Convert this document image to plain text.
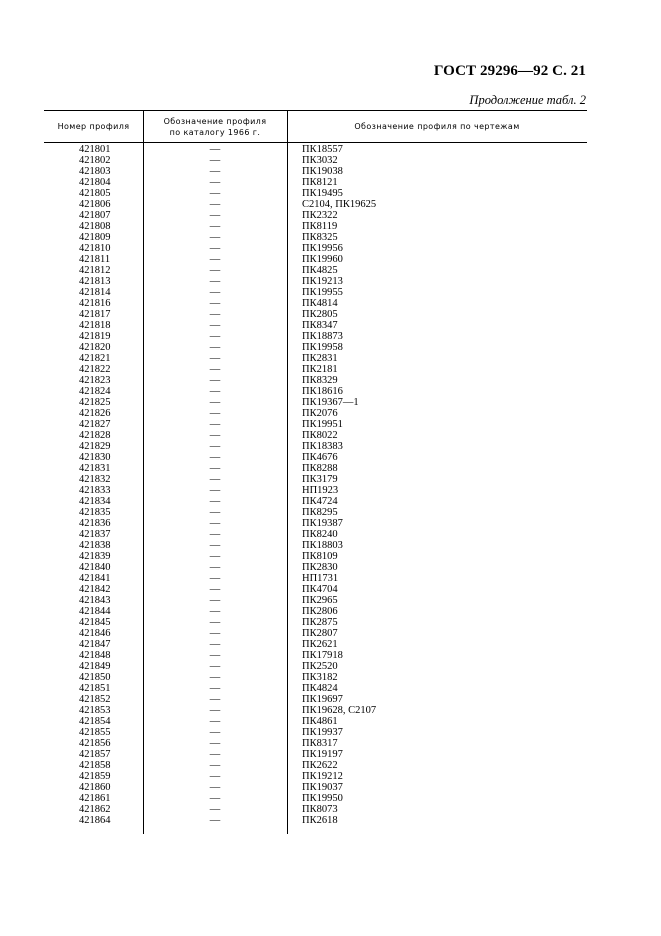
ГОСТ 29296—92 С. 21
Продолжение табл. 2
Номер профиля
Обозначение профиля
по каталогу 1966 г.
Обозначение профиля по чертежам
421801	—	ПК18557
421802	—	ПК3032
421803	—	ПК19038
421804	—	ПК8121
421805	—	ПК19495
421806	—	С2104, ПК19625
421807	—	ПК2322
421808	—	ПК8119
421809	—	ПК8325
421810	—	ПК19956
421811	—	ПК19960
421812	—	ПК4825
421813	—	ПК19213
421814	—	ПК19955
421816	—	ПК4814
421817	—	ПК2805
421818	—	ПК8347
421819	—	ПК18873
421820	—	ПК19958
421821	—	ПК2831
421822	—	ПК2181
421823	—	ПК8329
421824	—	ПК18616
421825	—	ПК19367—1
421826	—	ПК2076
421827	—	ПК19951
421828	—	ПК8022
421829	—	ПК18383
421830	—	ПК4676
421831	—	ПК8288
421832	—	ПК3179
421833	—	НП1923
421834	—	ПК4724
421835	—	ПК8295
421836	—	ПК19387
421837	—	ПК8240
421838	—	ПК18803
421839	—	ПК8109
421840	—	ПК2830
421841	—	НП1731
421842	—	ПК4704
421843	—	ПК2965
421844	—	ПК2806
421845	—	ПК2875
421846	—	ПК2807
421847	—	ПК2621
421848	—	ПК17918
421849	—	ПК2520
421850	—	ПК3182
421851	—	ПК4824
421852	—	ПК19697
421853	—	ПК19628, С2107
421854	—	ПК4861
421855	—	ПК19937
421856	—	ПК8317
421857	—	ПК19197
421858	—	ПК2622
421859	—	ПК19212
421860	—	ПК19037
421861	—	ПК19950
421862	—	ПК8073
421864	—	ПК2618
